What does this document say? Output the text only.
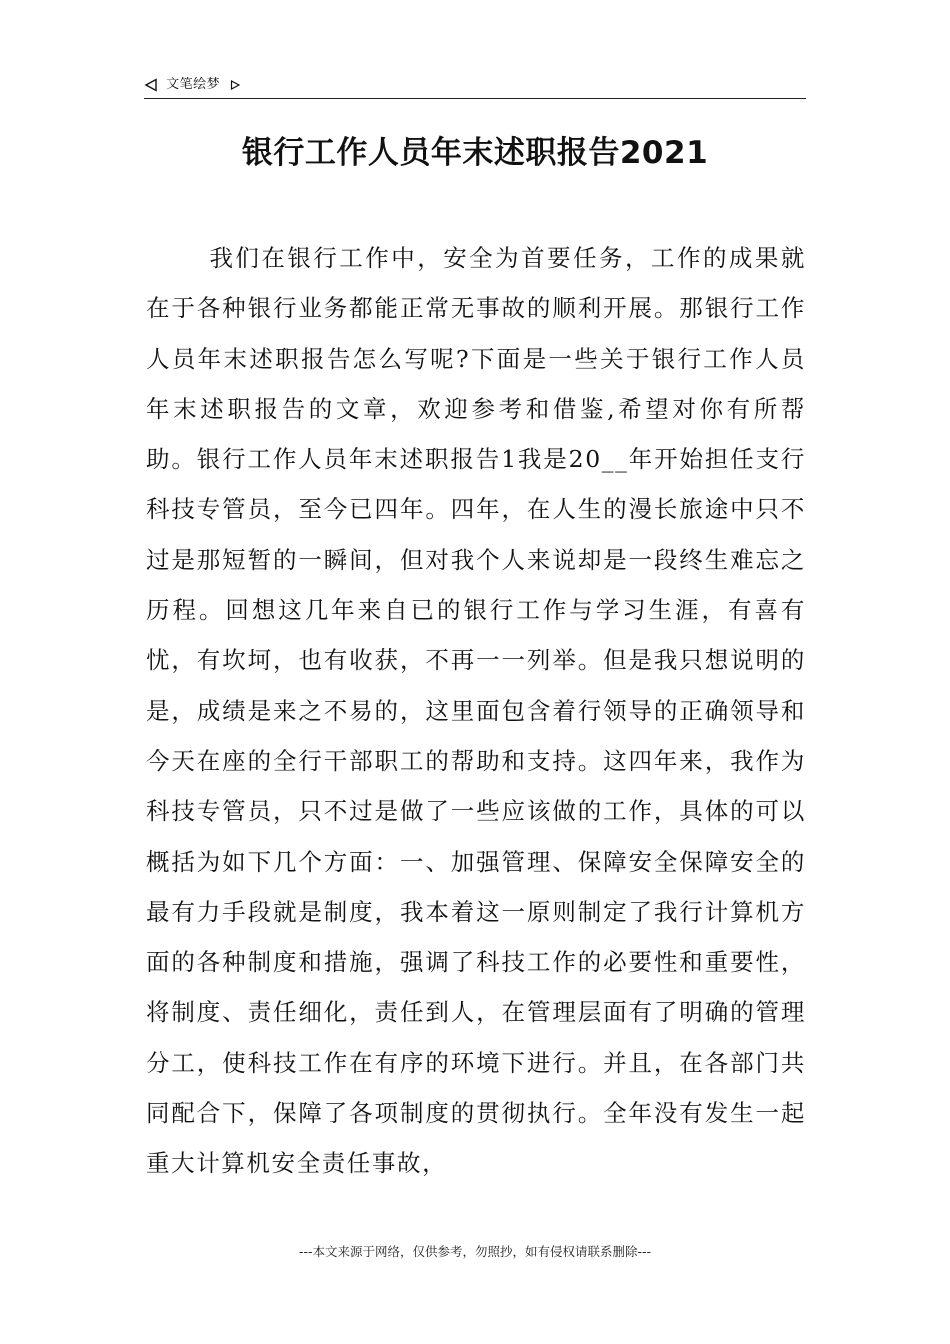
文笔绘梦
银行工作人员年末述职报告2021

我们在银行工作中，安全为首要任务，工作的成果就在于各种银行业务都能正常无事故的顺利开展。那银行工作人员年末述职报告怎么写呢?下面是一些关于银行工作人员年末述职报告的文章，欢迎参考和借鉴,希望对你有所帮助。银行工作人员年末述职报告1我是20__年开始担任支行科技专管员，至今已四年。四年，在人生的漫长旅途中只不过是那短暂的一瞬间，但对我个人来说却是一段终生难忘之历程。回想这几年来自已的银行工作与学习生涯，有喜有忧，有坎坷，也有收获，不再一一列举。但是我只想说明的是，成绩是来之不易的，这里面包含着行领导的正确领导和今天在座的全行干部职工的帮助和支持。这四年来，我作为科技专管员，只不过是做了一些应该做的工作，具体的可以概括为如下几个方面：一、加强管理、保障安全保障安全的最有力手段就是制度，我本着这一原则制定了我行计算机方面的各种制度和措施，强调了科技工作的必要性和重要性，将制度、责任细化，责任到人，在管理层面有了明确的管理分工，使科技工作在有序的环境下进行。并且，在各部门共同配合下，保障了各项制度的贯彻执行。全年没有发生一起重大计算机安全责任事故，

---本文来源于网络，仅供参考，勿照抄，如有侵权请联系删除---
